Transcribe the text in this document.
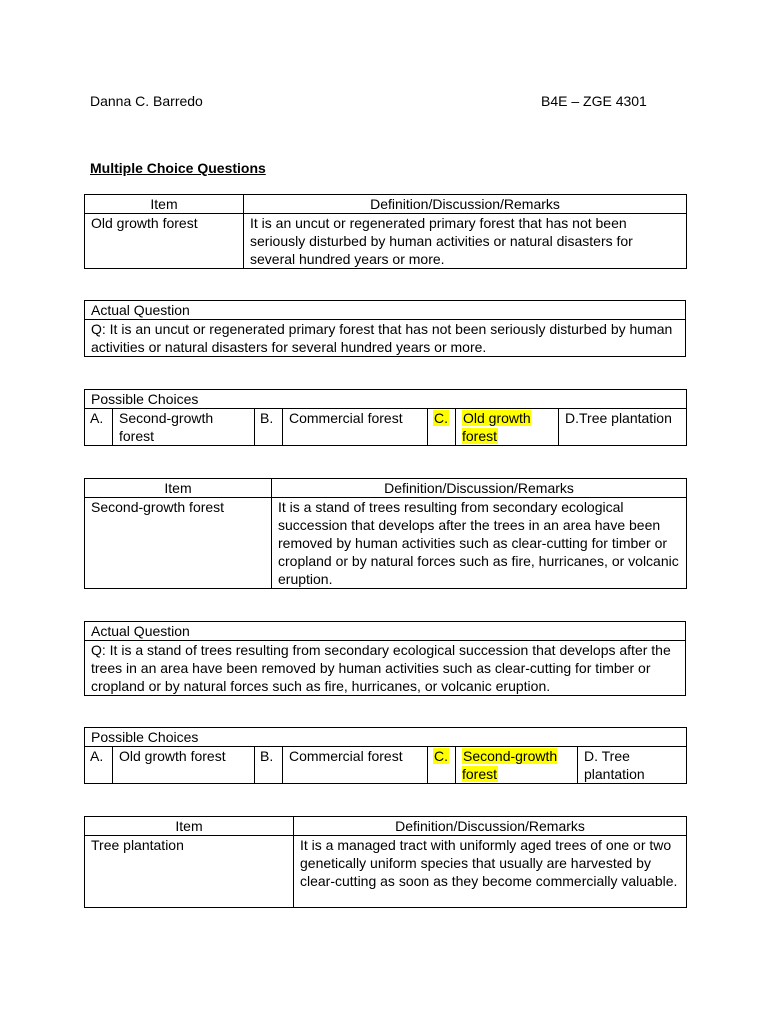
Danna C. Barredo	B4E – ZGE 4301
Multiple Choice Questions
Item	Definition/Discussion/Remarks
Old growth forest	It is an uncut or regenerated primary forest that has not been seriously disturbed by human activities or natural disasters for several hundred years or more.
Actual Question
Q: It is an uncut or regenerated primary forest that has not been seriously disturbed by human activities or natural disasters for several hundred years or more.
Possible Choices
A.	Second-growth forest	B.	Commercial forest	C.	Old growth forest	D.Tree plantation
Item	Definition/Discussion/Remarks
Second-growth forest	It is a stand of trees resulting from secondary ecological succession that develops after the trees in an area have been removed by human activities such as clear-cutting for timber or cropland or by natural forces such as fire, hurricanes, or volcanic eruption.
Actual Question
Q: It is a stand of trees resulting from secondary ecological succession that develops after the trees in an area have been removed by human activities such as clear-cutting for timber or cropland or by natural forces such as fire, hurricanes, or volcanic eruption.
Possible Choices
A.	Old growth forest	B.	Commercial forest	C.	Second-growth forest	D. Tree plantation
Item	Definition/Discussion/Remarks
Tree plantation	It is a managed tract with uniformly aged trees of one or two genetically uniform species that usually are harvested by clear-cutting as soon as they become commercially valuable.
